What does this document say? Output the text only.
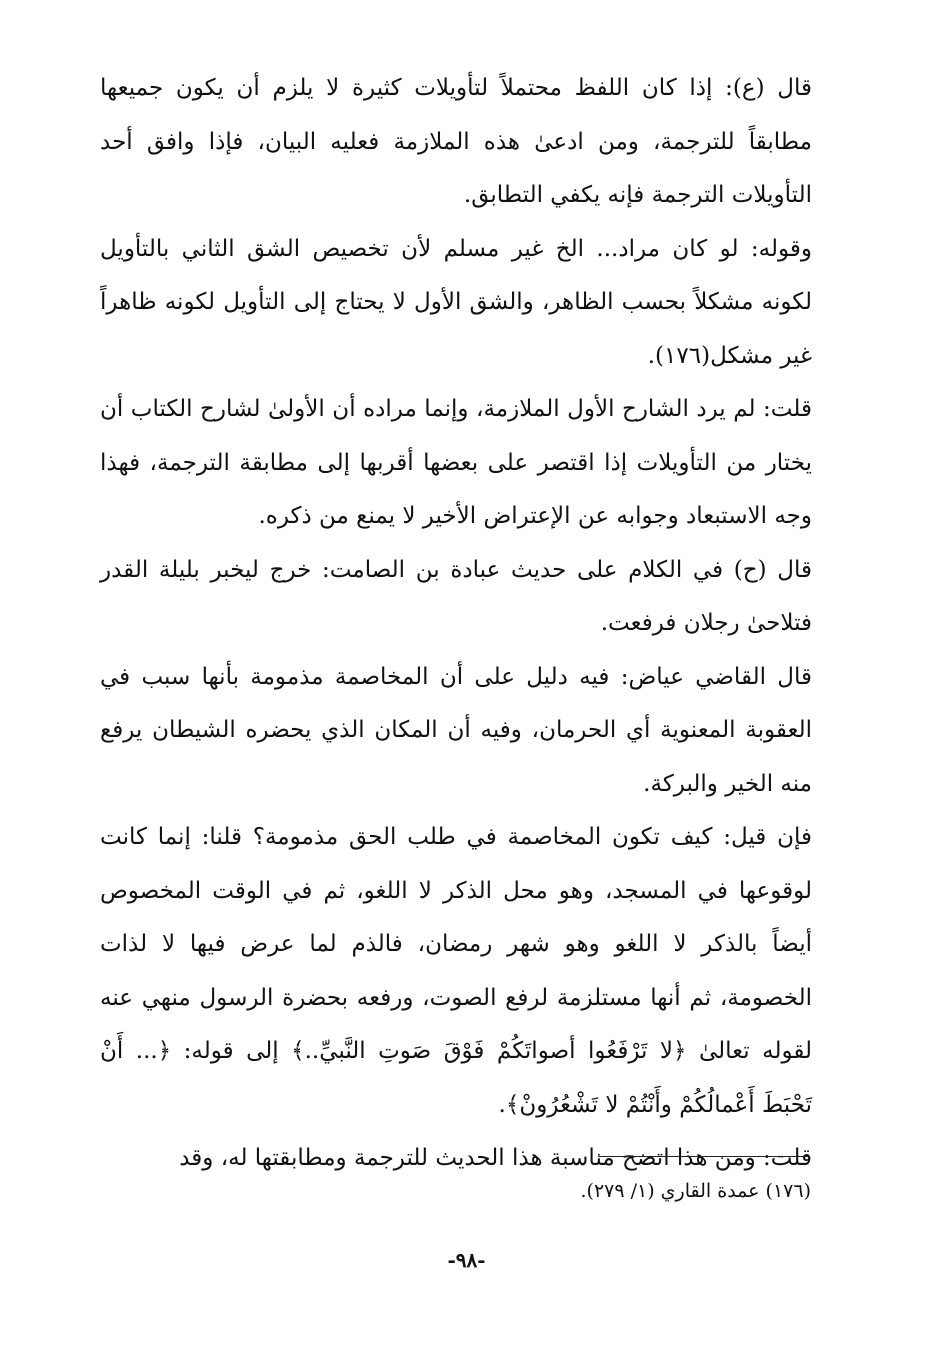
قال (ع): إذا كان اللفظ محتملاً لتأويلات كثيرة لا يلزم أن يكون جميعها مطابقاً للترجمة، ومن ادعىٰ هذه الملازمة فعليه البيان، فإذا وافق أحد التأويلات الترجمة فإنه يكفي التطابق.

وقوله: لو كان مراد... الخ غير مسلم لأن تخصيص الشق الثاني بالتأويل لكونه مشكلاً بحسب الظاهر، والشق الأول لا يحتاج إلى التأويل لكونه ظاهراً غير مشكل(١٧٦).

قلت: لم يرد الشارح الأول الملازمة، وإنما مراده أن الأولىٰ لشارح الكتاب أن يختار من التأويلات إذا اقتصر على بعضها أقربها إلى مطابقة الترجمة، فهذا وجه الاستبعاد وجوابه عن الإعتراض الأخير لا يمنع من ذكره.

قال (ح) في الكلام على حديث عبادة بن الصامت: خرج ليخبر بليلة القدر فتلاحىٰ رجلان فرفعت.

قال القاضي عياض: فيه دليل على أن المخاصمة مذمومة بأنها سبب في العقوبة المعنوية أي الحرمان، وفيه أن المكان الذي يحضره الشيطان يرفع منه الخير والبركة.

فإن قيل: كيف تكون المخاصمة في طلب الحق مذمومة؟ قلنا: إنما كانت لوقوعها في المسجد، وهو محل الذكر لا اللغو، ثم في الوقت المخصوص أيضاً بالذكر لا اللغو وهو شهر رمضان، فالذم لما عرض فيها لا لذات الخصومة، ثم أنها مستلزمة لرفع الصوت، ورفعه بحضرة الرسول منهي عنه لقوله تعالىٰ ﴿لا تَرْفَعُوا أصواتَكُمْ فَوْقَ صَوتِ النَّبيِّ..﴾ إلى قوله: ﴿... أَنْ تَحْبَطَ أَعْمالُكُمْ وأَنْتُمْ لا تَشْعُرُونْ﴾.

قلت: ومن هذا اتضح مناسبة هذا الحديث للترجمة ومطابقتها له، وقد

(١٧٦) عمدة القاري (١/ ٢٧٩).
-٩٨-
